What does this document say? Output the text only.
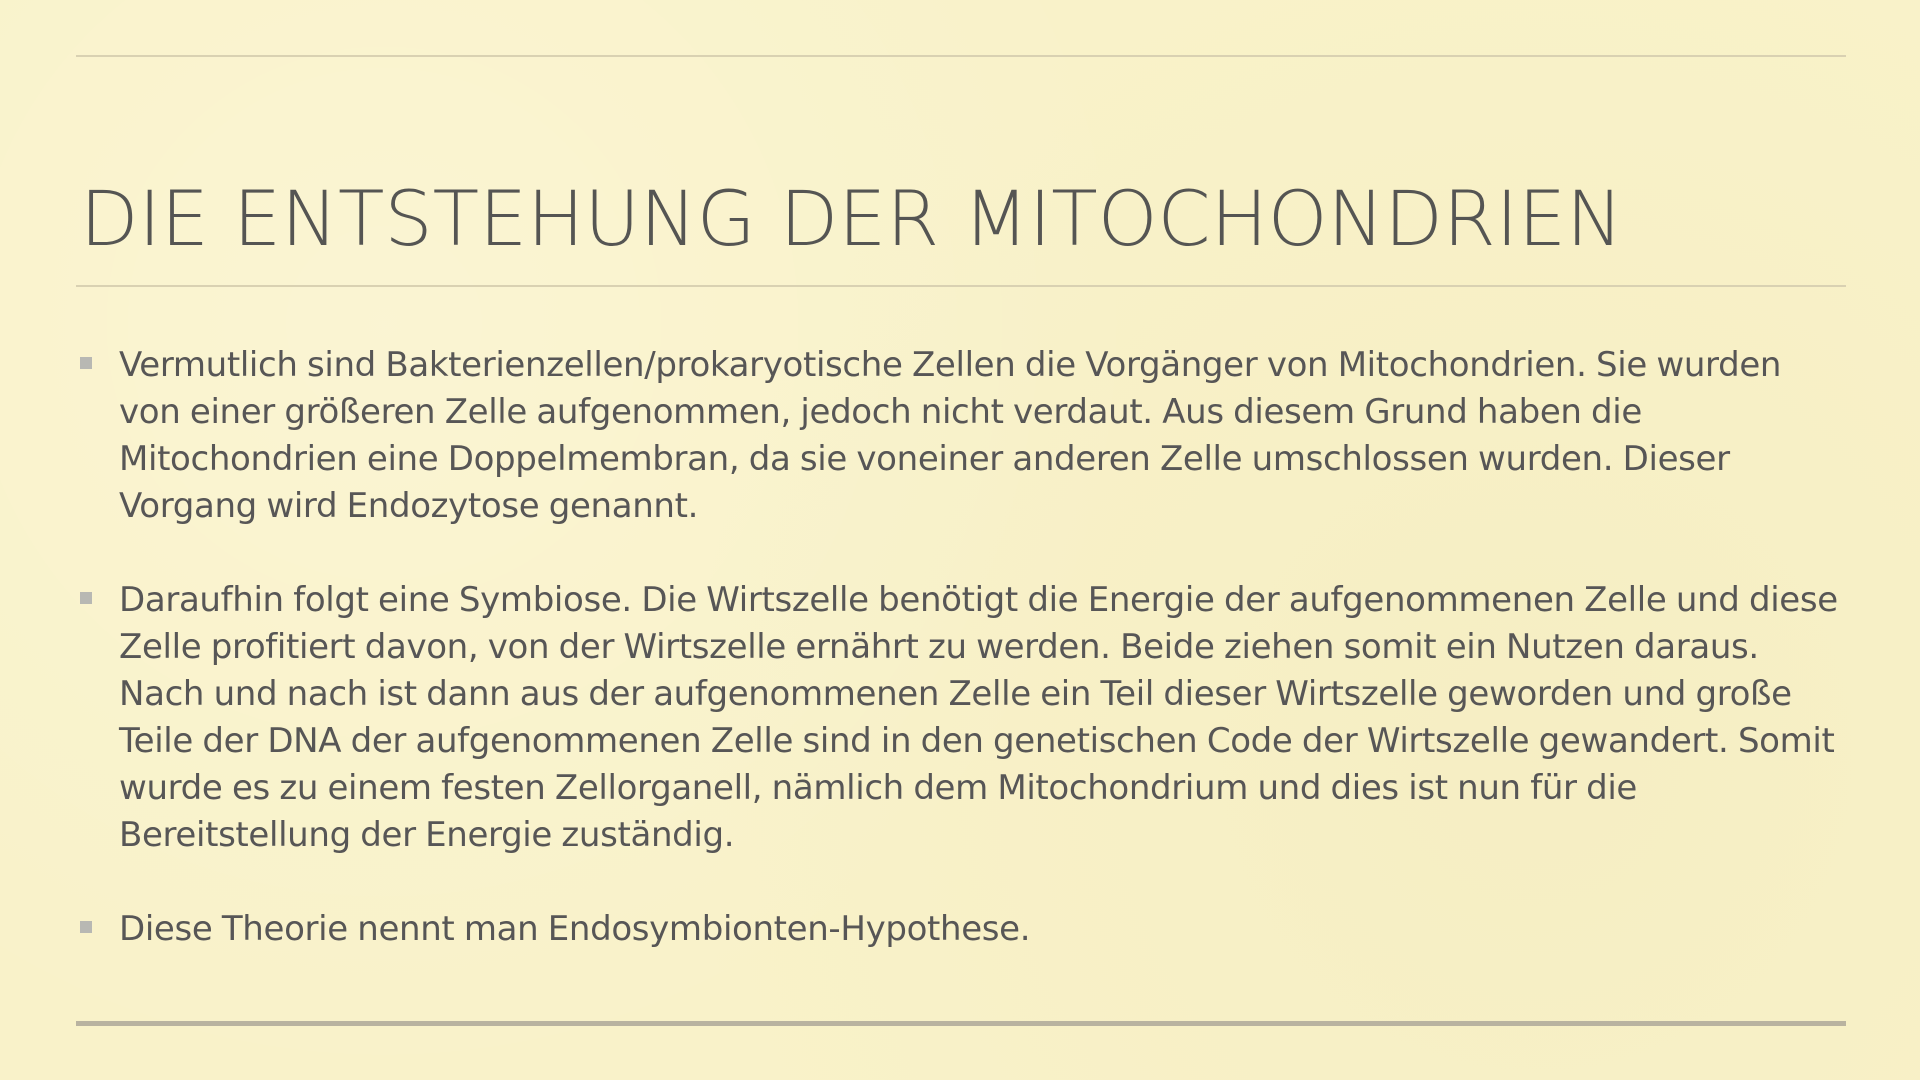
DIE ENTSTEHUNG DER MITOCHONDRIEN
Vermutlich sind Bakterienzellen/prokaryotische Zellen die Vorgänger von Mitochondrien. Sie wurden von einer größeren Zelle aufgenommen, jedoch nicht verdaut. Aus diesem Grund haben die Mitochondrien eine Doppelmembran, da sie voneiner anderen Zelle umschlossen wurden. Dieser Vorgang wird Endozytose genannt.
Daraufhin folgt eine Symbiose. Die Wirtszelle benötigt die Energie der aufgenommenen Zelle und diese Zelle profitiert davon, von der Wirtszelle ernährt zu werden. Beide ziehen somit ein Nutzen daraus. Nach und nach ist dann aus der aufgenommenen Zelle ein Teil dieser Wirtszelle geworden und große Teile der DNA der aufgenommenen Zelle sind in den genetischen Code der Wirtszelle gewandert. Somit wurde es zu einem festen Zellorganell, nämlich dem Mitochondrium und dies ist nun für die Bereitstellung der Energie zuständig.
Diese Theorie nennt man Endosymbionten-Hypothese.
